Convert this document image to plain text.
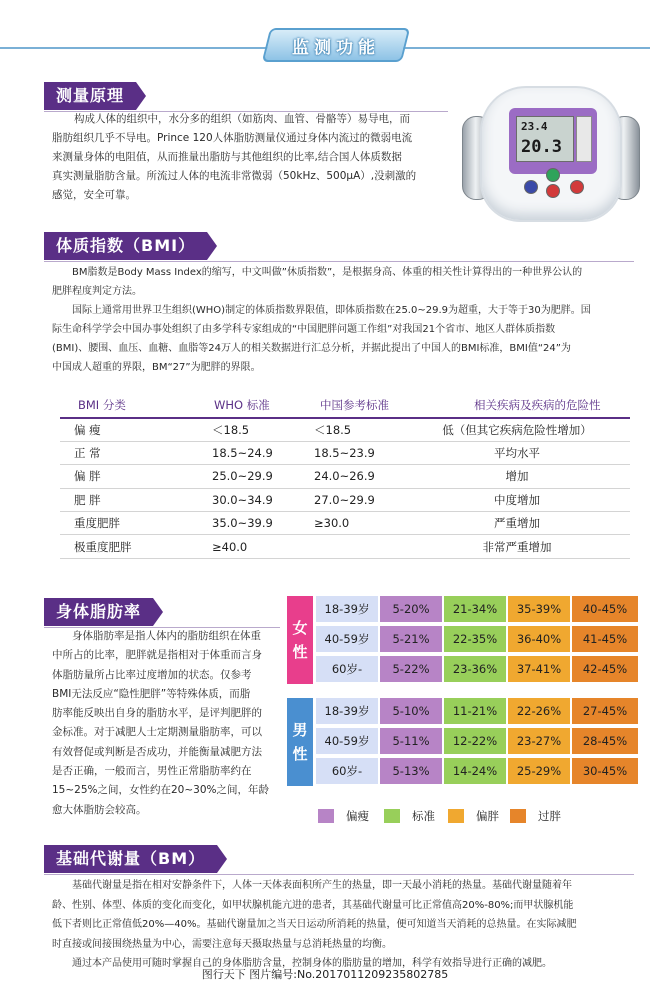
监测功能
测量原理
构成人体的组织中，水分多的组织（如筋肉、血管、骨骼等）易导电，而
脂肪组织几乎不导电。Prince 120人体脂肪测量仪通过身体内流过的微弱电流
来测量身体的电阻值，从而推量出脂肪与其他组织的比率,结合国人体质数据
真实测量脂肪含量。所流过人体的电流非常微弱（50kHz、500μA）,没刺激的
感觉，安全可靠。
23.4
20.3
体质指数（BMI）
BM脂数是Body Mass Index的缩写，中文叫做”休质指数”，是根据身高、体重的相关性计算得出的一种世界公认的
肥胖程度判定方法。
国际上通常用世界卫生组织(WHO)制定的体质指数界限值，即体质指数在25.0~29.9为超重，大于等于30为肥胖。国
际生命科学学会中国办事处组织了由多学科专家组成的“中国肥胖问题工作组”对我国21个省市、地区人群体质指数
(BMI)、腰围、血压、血糖、血脂等24万人的相关数据进行汇总分析，并据此提出了中国人的BMI标准，BMI值“24”为
中国成人超重的界限，BM“27”为肥胖的界限。
BMI 分类	WHO 标准	中国参考标准	相关疾病及疾病的危险性
偏 瘦	＜18.5	＜18.5	低（但其它疾病危险性增加）
正 常	18.5~24.9	18.5~23.9	平均水平
偏 胖	25.0~29.9	24.0~26.9	增加
肥 胖	30.0~34.9	27.0~29.9	中度增加
重度肥胖	35.0~39.9	≥30.0	严重增加
极重度肥胖	≥40.0		非常严重增加
身体脂肪率
身体脂肪率是指人体内的脂肪组织在体重
中所占的比率，肥胖就是指相对于体重而言身
体脂肪量所占比率过度增加的状态。仅参考
BMI无法反应“隐性肥胖”等特殊体质，而脂
肪率能反映出自身的脂肪水平，是评判肥胖的
金标准。对于减肥人士定期测量脂肪率，可以
有效督促或判断是否成功，并能衡量减肥方法
是否正确，一般而言，男性正常脂肪率约在
15~25%之间，女性约在20~30%之间，年龄
愈大体脂肪会较高。
女性
18-39岁	5-20%	21-34%	35-39%	40-45%
40-59岁	5-21%	22-35%	36-40%	41-45%
60岁-	5-22%	23-36%	37-41%	42-45%
男性
18-39岁	5-10%	11-21%	22-26%	27-45%
40-59岁	5-11%	12-22%	23-27%	28-45%
60岁-	5-13%	14-24%	25-29%	30-45%
偏瘦	标准	偏胖	过胖
基础代谢量（BM）
基础代谢量是指在相对安静条件下，人体一天体表面积所产生的热量，即一天最小消耗的热量。基础代谢量随着年
龄、性别、体型、体质的变化而变化，如甲状腺机能亢进的患者，其基础代谢量可比正常值高20%-80%;而甲状腺机能
低下者则比正常值低20%—40%。基础代谢量加之当天日运动所消耗的热量，便可知道当天消耗的总热量。在实际减肥
时直接或间接围绕热量为中心，需要注意每天摄取热量与总消耗热量的均衡。
通过本产品使用可随时掌握自己的身体脂肪含量，控制身体的脂肪量的增加，科学有效指导进行正确的减肥。
图行天下 图片编号:No.20170112092358​02785
